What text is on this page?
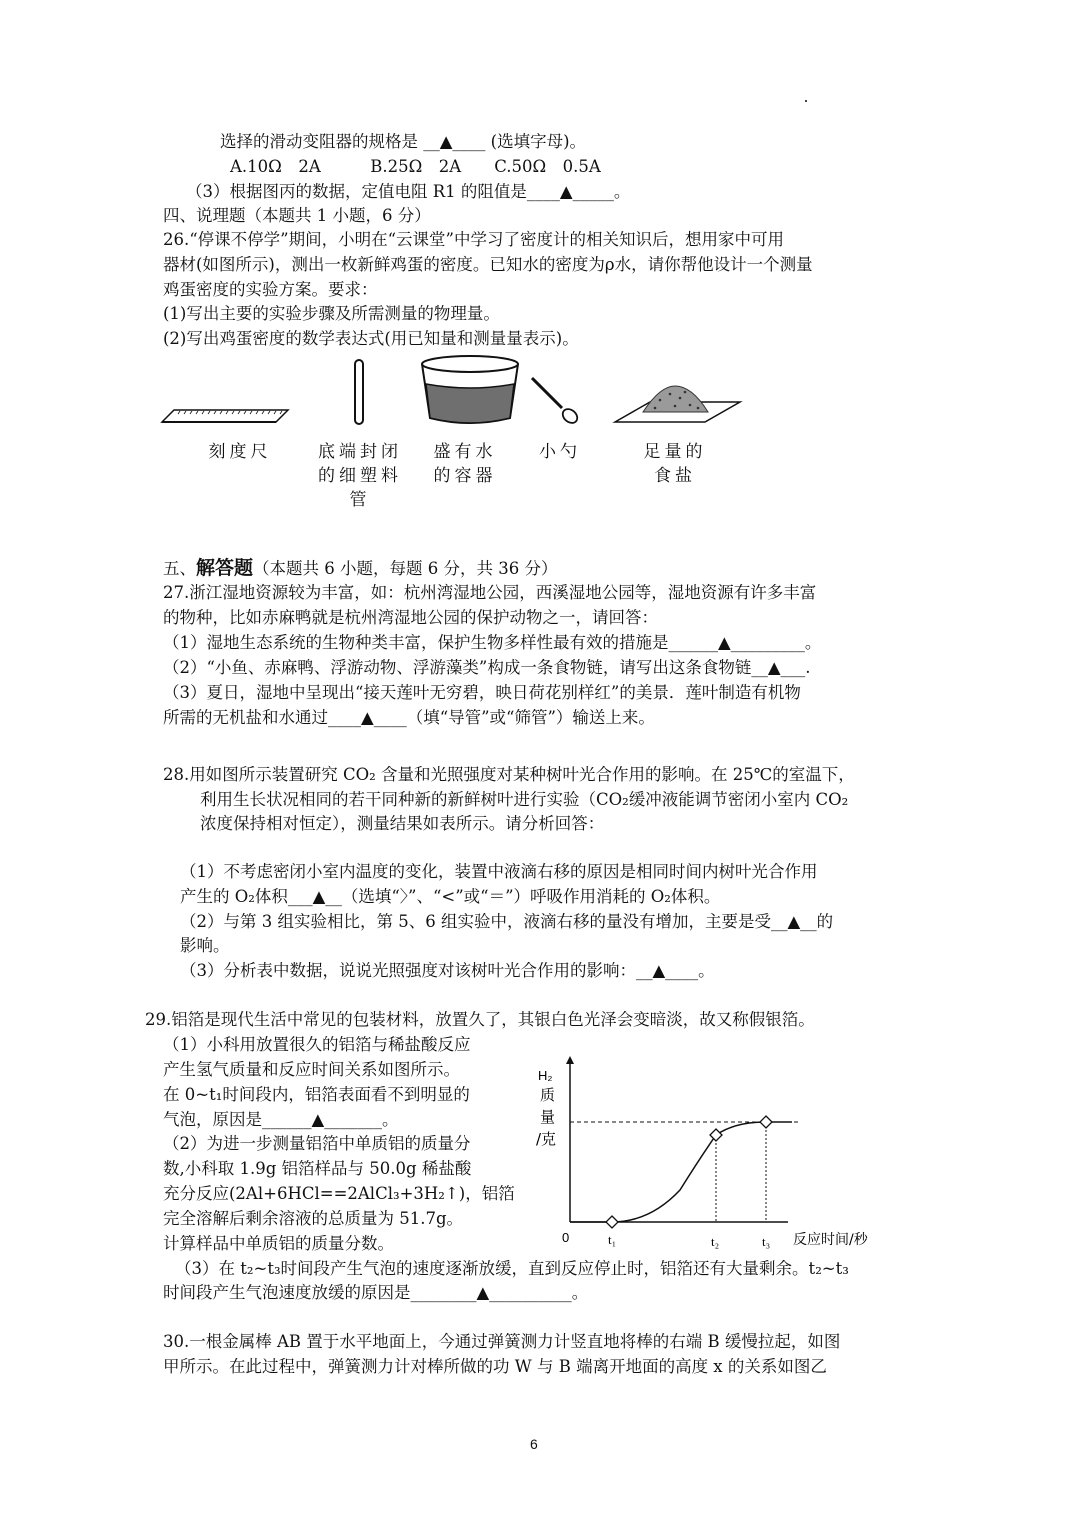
选择的滑动变阻器的规格是 __▲____ (选填字母)。
A.10Ω　2A　　　B.25Ω　2A　　C.50Ω　0.5A
（3）根据图丙的数据，定值电阻 R1 的阻值是____▲_____。
四、说理题（本题共 1 小题，6 分）
26.“停课不停学”期间，小明在“云课堂”中学习了密度计的相关知识后，想用家中可用
器材(如图所示)，测出一枚新鲜鸡蛋的密度。已知水的密度为ρ水，请你帮他设计一个测量
鸡蛋密度的实验方案。要求：
(1)写出主要的实验步骤及所需测量的物理量。
(2)写出鸡蛋密度的数学表达式(用已知量和测量量表示)。
刻度尺	底端封闭
的细塑料
管
盛有水
的容器
小勺	足量的
食盐
五、解答题（本题共 6 小题，每题 6 分，共 36 分）
27.浙江湿地资源较为丰富，如：杭州湾湿地公园，西溪湿地公园等，湿地资源有许多丰富
的物种，比如赤麻鸭就是杭州湾湿地公园的保护动物之一，请回答：
（1）湿地生态系统的生物种类丰富，保护生物多样性最有效的措施是______▲_________。
（2）“小鱼、赤麻鸭、浮游动物、浮游藻类”构成一条食物链，请写出这条食物链__▲___.
（3）夏日，湿地中呈现出“接天莲叶无穷碧，映日荷花别样红”的美景．莲叶制造有机物
所需的无机盐和水通过____▲____（填“导管”或“筛管”）输送上来。
28.用如图所示装置研究 CO₂ 含量和光照强度对某种树叶光合作用的影响。在 25℃的室温下，
利用生长状况相同的若干同种新的新鲜树叶进行实验（CO₂缓冲液能调节密闭小室内 CO₂
浓度保持相对恒定），测量结果如表所示。请分析回答：
（1）不考虑密闭小室内温度的变化，装置中液滴右移的原因是相同时间内树叶光合作用
产生的 O₂体积___▲__（选填“〉”、“<”或“＝”）呼吸作用消耗的 O₂体积。
（2）与第 3 组实验相比，第 5、6 组实验中，液滴右移的量没有增加，主要是受__▲__的
影响。
（3）分析表中数据，说说光照强度对该树叶光合作用的影响：__▲____。
29.铝箔是现代生活中常见的包装材料，放置久了，其银白色光泽会变暗淡，故又称假银箔。
（1）小科用放置很久的铝箔与稀盐酸反应
产生氢气质量和反应时间关系如图所示。
在 0~t₁时间段内，铝箔表面看不到明显的
气泡，原因是______▲_______。
（2）为进一步测量铝箔中单质铝的质量分
数,小科取 1.9g 铝箔样品与 50.0g 稀盐酸
充分反应(2Al+6HCl==2AlCl₃+3H₂↑)，铝箔
完全溶解后剩余溶液的总质量为 51.7g。
计算样品中单质铝的质量分数。
H₂
质
量
/克
0	t₁	t₂	t₃ 反应时间/秒
（3）在 t₂~t₃时间段产生气泡的速度逐渐放缓，直到反应停止时，铝箔还有大量剩余。t₂~t₃
时间段产生气泡速度放缓的原因是________▲__________。
30.一根金属棒 AB 置于水平地面上，今通过弹簧测力计竖直地将棒的右端 B 缓慢拉起，如图
甲所示。在此过程中，弹簧测力计对棒所做的功 W 与 B 端离开地面的高度 x 的关系如图乙
6
